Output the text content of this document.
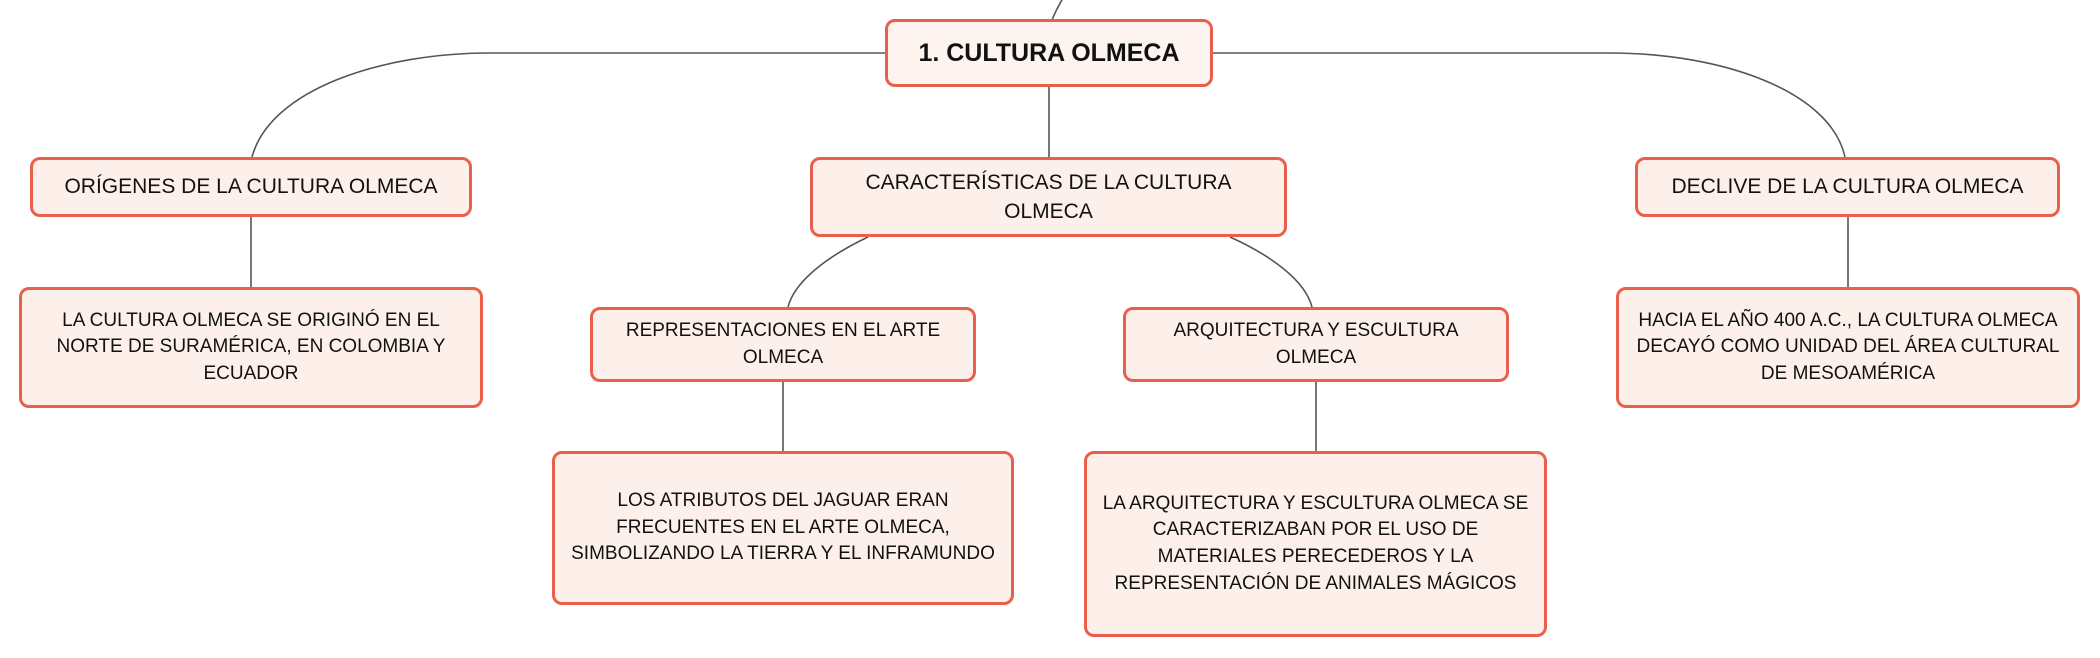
1. CULTURA OLMECA
ORÍGENES DE LA CULTURA OLMECA	CARACTERÍSTICAS DE LA CULTURA OLMECA
DECLIVE DE LA CULTURA OLMECA
LA CULTURA OLMECA SE ORIGINÓ EN EL NORTE DE SURAMÉRICA, EN COLOMBIA Y ECUADOR
REPRESENTACIONES EN EL ARTE OLMECA
ARQUITECTURA Y ESCULTURA OLMECA
HACIA EL AÑO 400 A.C., LA CULTURA OLMECA DECAYÓ COMO UNIDAD DEL ÁREA CULTURAL DE MESOAMÉRICA
LOS ATRIBUTOS DEL JAGUAR ERAN FRECUENTES EN EL ARTE OLMECA, SIMBOLIZANDO LA TIERRA Y EL INFRAMUNDO
LA ARQUITECTURA Y ESCULTURA OLMECA SE CARACTERIZABAN POR EL USO DE MATERIALES PERECEDEROS Y LA REPRESENTACIÓN DE ANIMALES MÁGICOS
